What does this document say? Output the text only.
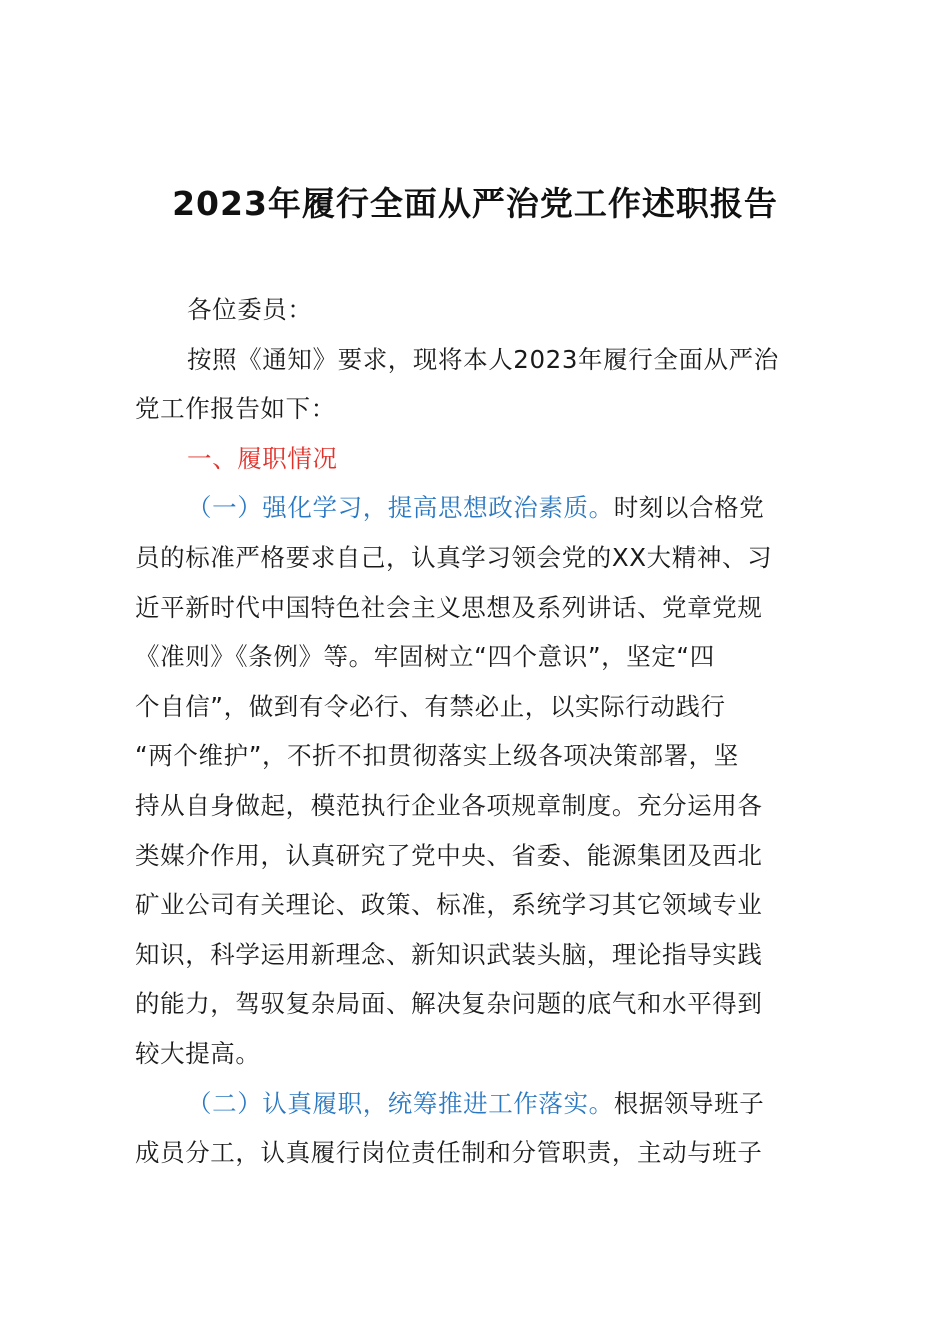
2023年履行全面从严治党工作述职报告
各位委员：
按照《通知》要求，现将本人2023年履行全面从严治
党工作报告如下：
一、履职情况
（一）强化学习，提高思想政治素质。时刻以合格党
员的标准严格要求自己，认真学习领会党的XX大精神、习
近平新时代中国特色社会主义思想及系列讲话、党章党规
《准则》《条例》等。牢固树立“四个意识”，坚定“四
个自信”，做到有令必行、有禁必止，以实际行动践行
“两个维护”，不折不扣贯彻落实上级各项决策部署，坚
持从自身做起，模范执行企业各项规章制度。充分运用各
类媒介作用，认真研究了党中央、省委、能源集团及西北
矿业公司有关理论、政策、标准，系统学习其它领域专业
知识，科学运用新理念、新知识武装头脑，理论指导实践
的能力，驾驭复杂局面、解决复杂问题的底气和水平得到
较大提高。
（二）认真履职，统筹推进工作落实。根据领导班子
成员分工，认真履行岗位责任制和分管职责，主动与班子
